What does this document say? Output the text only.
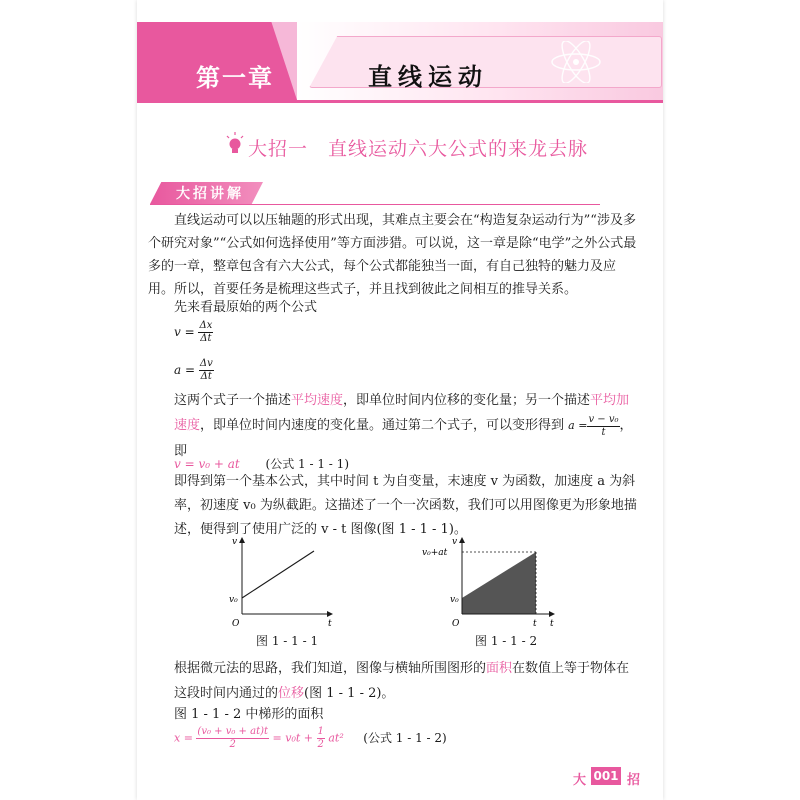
第一章	直线运动
大招一　直线运动六大公式的来龙去脉
大招讲解
直线运动可以以压轴题的形式出现，其难点主要会在“构造复杂运动行为”“涉及多个研究对象”“公式如何选择使用”等方面涉猎。可以说，这一章是除“电学”之外公式最多的一章，整章包含有六大公式，每个公式都能独当一面，有自己独特的魅力及应用。所以，首要任务是梳理这些式子，并且找到彼此之间相互的推导关系。
先来看最原始的两个公式
$v = \frac{\Delta x}{\Delta t}$
$a = \frac{\Delta v}{\Delta t}$
这两个式子一个描述平均速度，即单位时间内位移的变化量；另一个描述平均加速度，即单位时间内速度的变化量。通过第二个式子，可以变形得到 $a = \frac{\text{v − v₀}}{t}$ ，即
v = v₀ + at (公式 1 - 1 - 1)
即得到第一个基本公式，其中时间 t 为自变量，末速度 v 为函数，加速度 a 为斜率，初速度 v₀ 为纵截距。这描述了一个一次函数，我们可以用图像更为形象地描述，便得到了使用广泛的 v - t 图像(图 1 - 1 - 1)。
v
t
O
v₀
图 1 - 1 - 1
v
t
O
v₀
v₀+at
t
图 1 - 1 - 2
根据微元法的思路，我们知道，图像与横轴所围图形的面积在数值上等于物体在这段时间内通过的位移(图 1 - 1 - 2)。
图 1 - 1 - 2 中梯形的面积
$x = \frac{\text{(v₀ + v₀ + at)t}}{2} = v_0t + \frac{1}{2} at^2$ (公式 1 - 1 - 2)
大 001 招
